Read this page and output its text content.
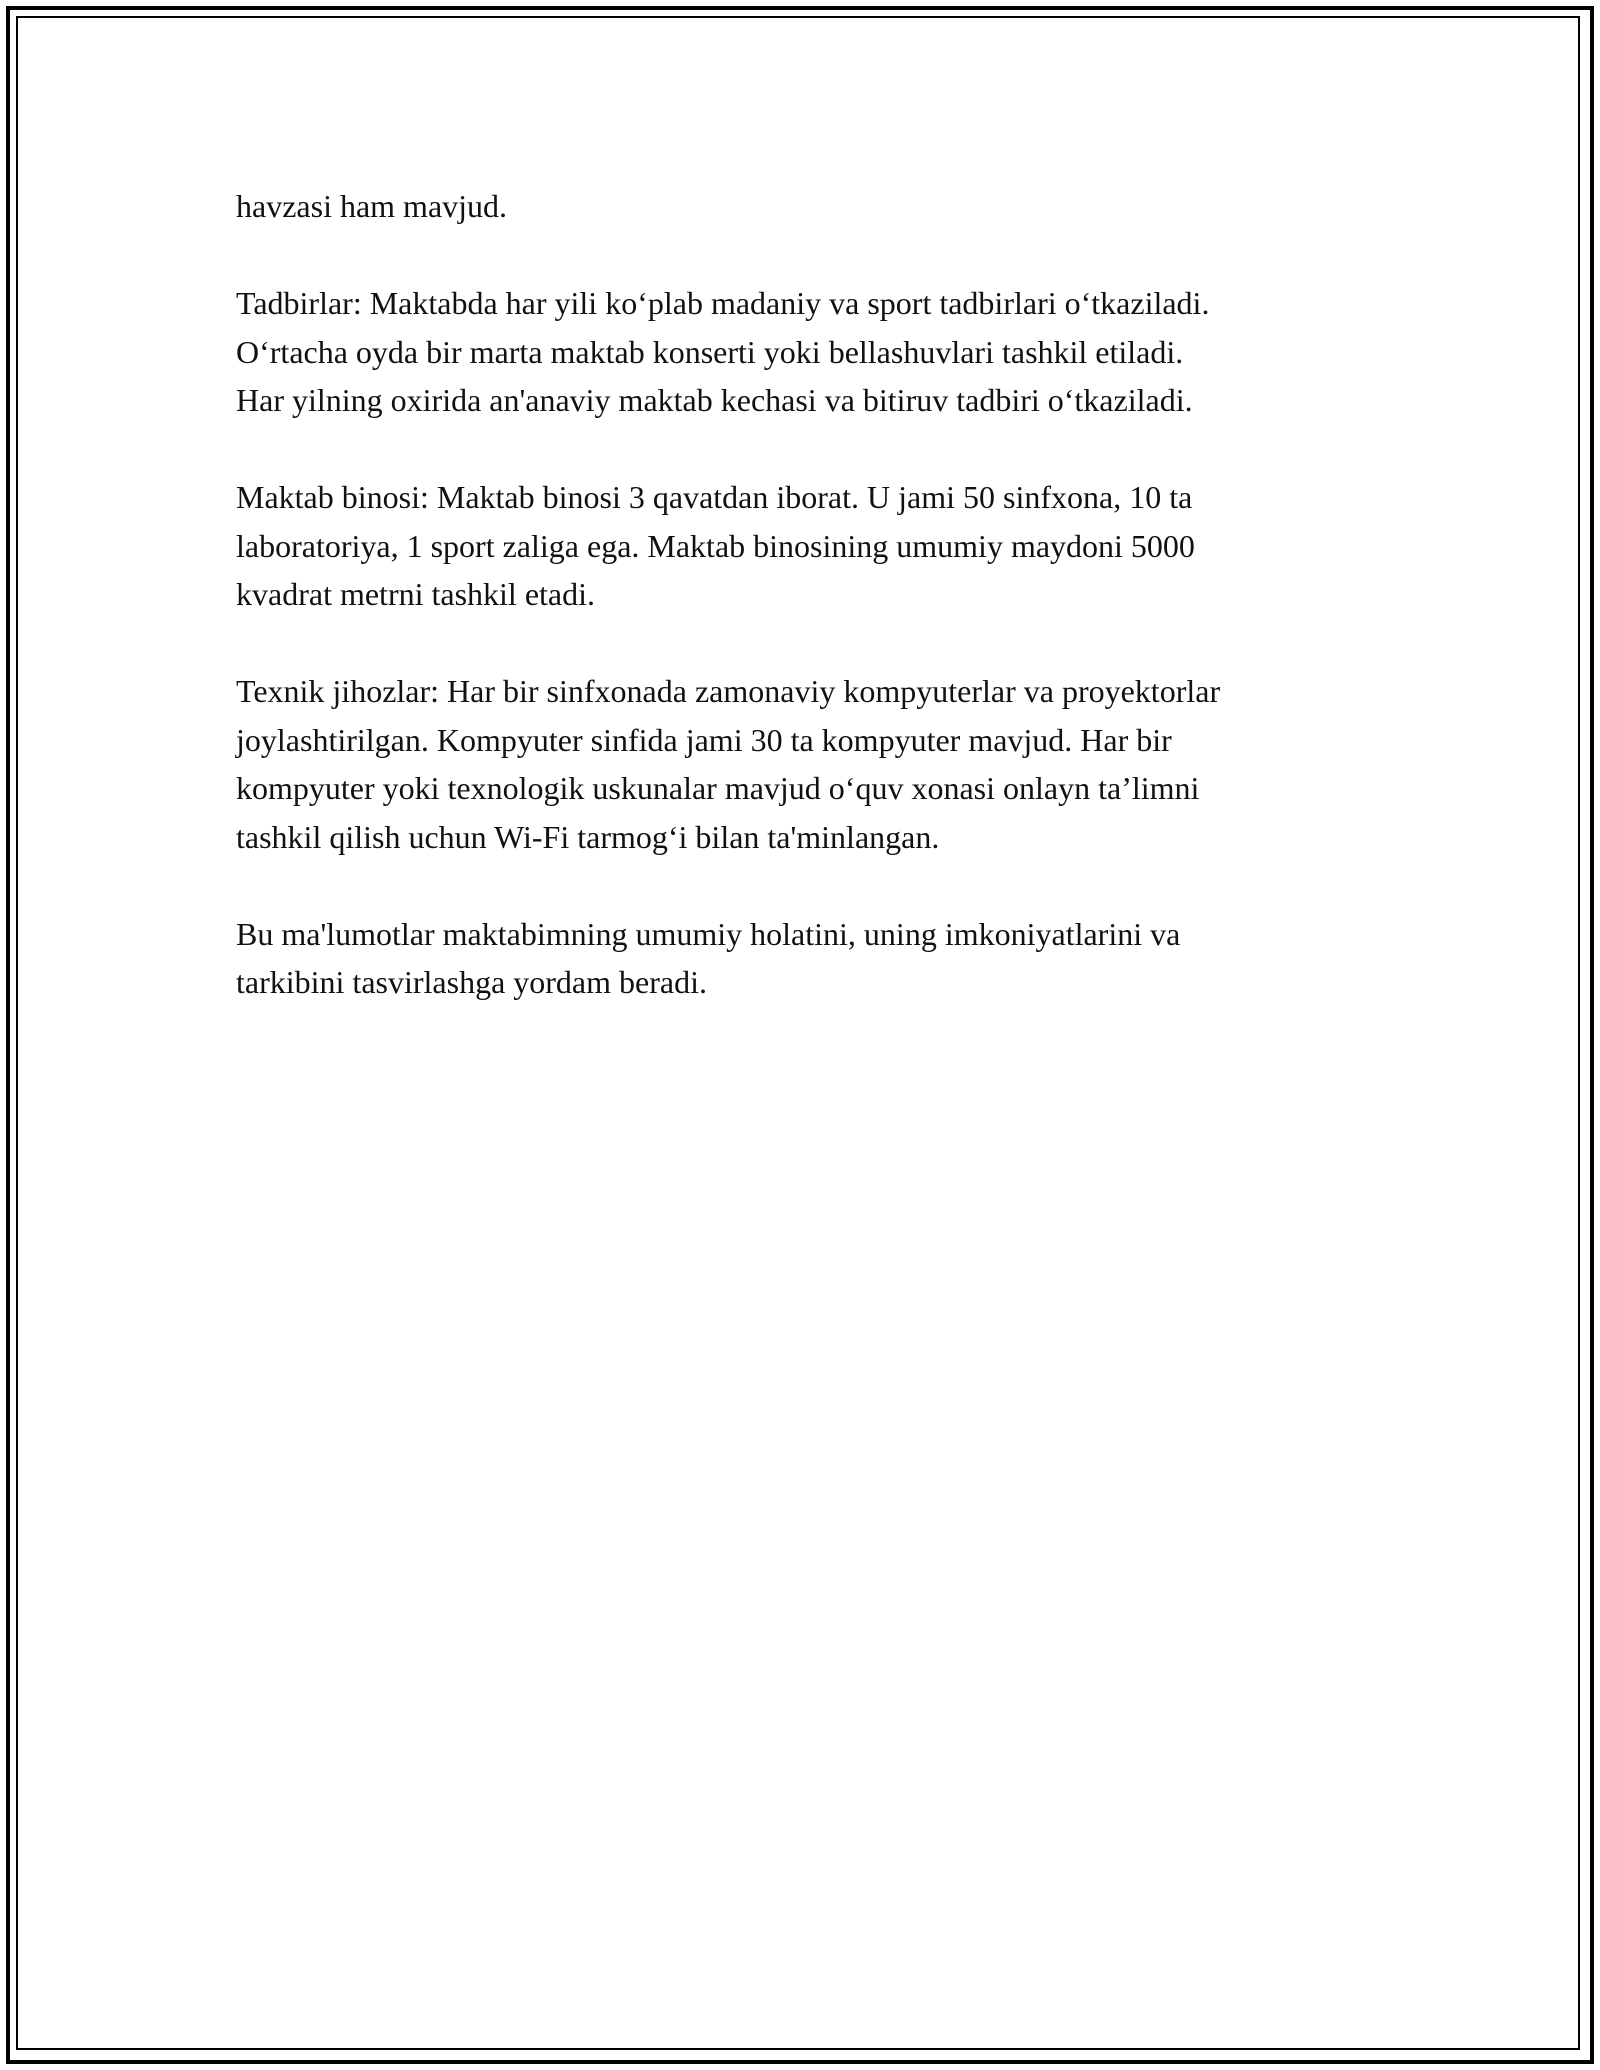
havzasi ham mavjud.

Tadbirlar: Maktabda har yili ko‘plab madaniy va sport tadbirlari o‘tkaziladi.
O‘rtacha oyda bir marta maktab konserti yoki bellashuvlari tashkil etiladi.
Har yilning oxirida an'anaviy maktab kechasi va bitiruv tadbiri o‘tkaziladi.

Maktab binosi: Maktab binosi 3 qavatdan iborat. U jami 50 sinfxona, 10 ta
laboratoriya, 1 sport zaliga ega. Maktab binosining umumiy maydoni 5000
kvadrat metrni tashkil etadi.

Texnik jihozlar: Har bir sinfxonada zamonaviy kompyuterlar va proyektorlar
joylashtirilgan. Kompyuter sinfida jami 30 ta kompyuter mavjud. Har bir
kompyuter yoki texnologik uskunalar mavjud o‘quv xonasi onlayn ta’limni
tashkil qilish uchun Wi-Fi tarmog‘i bilan ta'minlangan.

Bu ma'lumotlar maktabimning umumiy holatini, uning imkoniyatlarini va
tarkibini tasvirlashga yordam beradi.
